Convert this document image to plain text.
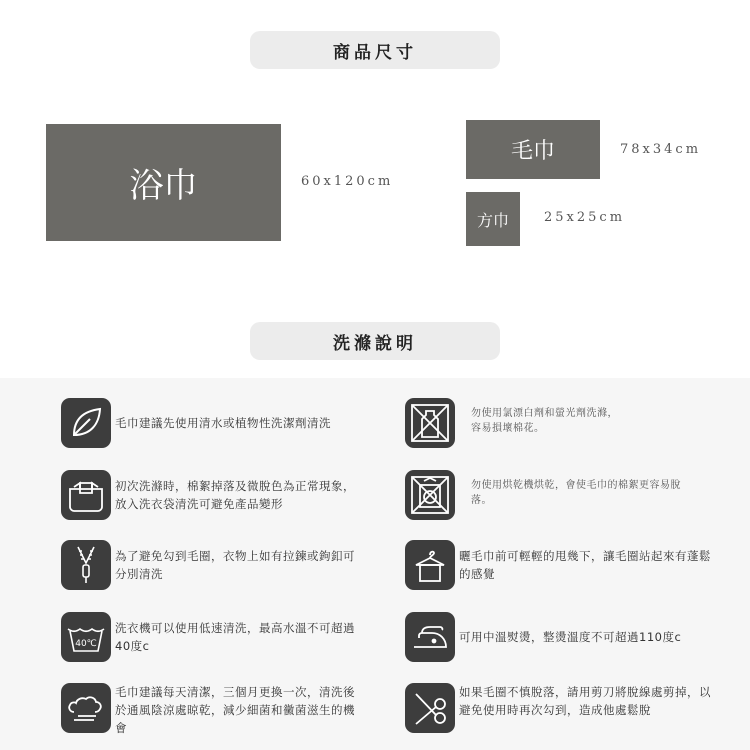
商品尺寸
浴巾	60x120cm
毛巾	78x34cm
方巾	25x25cm
洗滌說明
毛巾建議先使用清水或植物性洗潔劑清洗
勿使用氯漂白劑和螢光劑洗滌，容易損壞棉花。
初次洗滌時，棉絮掉落及微脫色為正常現象，放入洗衣袋清洗可避免產品變形
勿使用烘乾機烘乾，會使毛巾的棉絮更容易脫落。
為了避免勾到毛圈，衣物上如有拉鍊或鉤釦可分別清洗
曬毛巾前可輕輕的甩幾下，讓毛圈站起來有蓬鬆的感覺
40℃
洗衣機可以使用低速清洗，最高水溫不可超過40度c
可用中溫熨燙，整燙溫度不可超過110度c
毛巾建議每天清潔，三個月更換一次，清洗後於通風陰涼處晾乾，減少細菌和黴菌滋生的機會
如果毛圈不慎脫落，請用剪刀將脫線處剪掉，以避免使用時再次勾到，造成他處鬆脫
